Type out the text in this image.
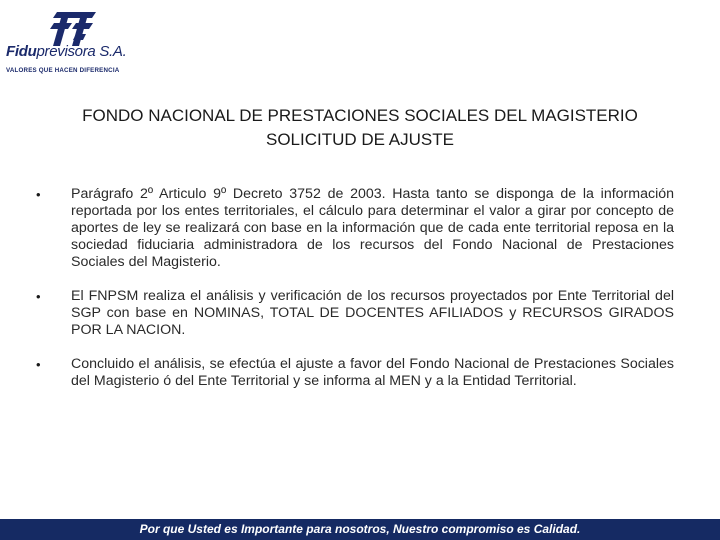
Fiduprevisora S.A.
VALORES QUE HACEN DIFERENCIA
FONDO NACIONAL DE PRESTACIONES SOCIALES DEL MAGISTERIO
SOLICITUD DE AJUSTE
• Parágrafo 2º Articulo 9º Decreto 3752 de 2003. Hasta tanto se disponga de la información reportada por los entes territoriales, el cálculo para determinar el valor a girar por concepto de aportes de ley se realizará con base en la información que de cada ente territorial reposa en la sociedad fiduciaria administradora de los recursos del Fondo Nacional de Prestaciones Sociales del Magisterio.
• El FNPSM realiza el análisis y verificación de los recursos proyectados por Ente Territorial del SGP con base en NOMINAS, TOTAL DE DOCENTES AFILIADOS y RECURSOS GIRADOS POR LA NACION.
• Concluido el análisis, se efectúa el ajuste a favor del Fondo Nacional de Prestaciones Sociales del Magisterio ó del Ente Territorial y se informa al MEN y a la Entidad Territorial.
Por que Usted es Importante para nosotros, Nuestro compromiso es Calidad.
